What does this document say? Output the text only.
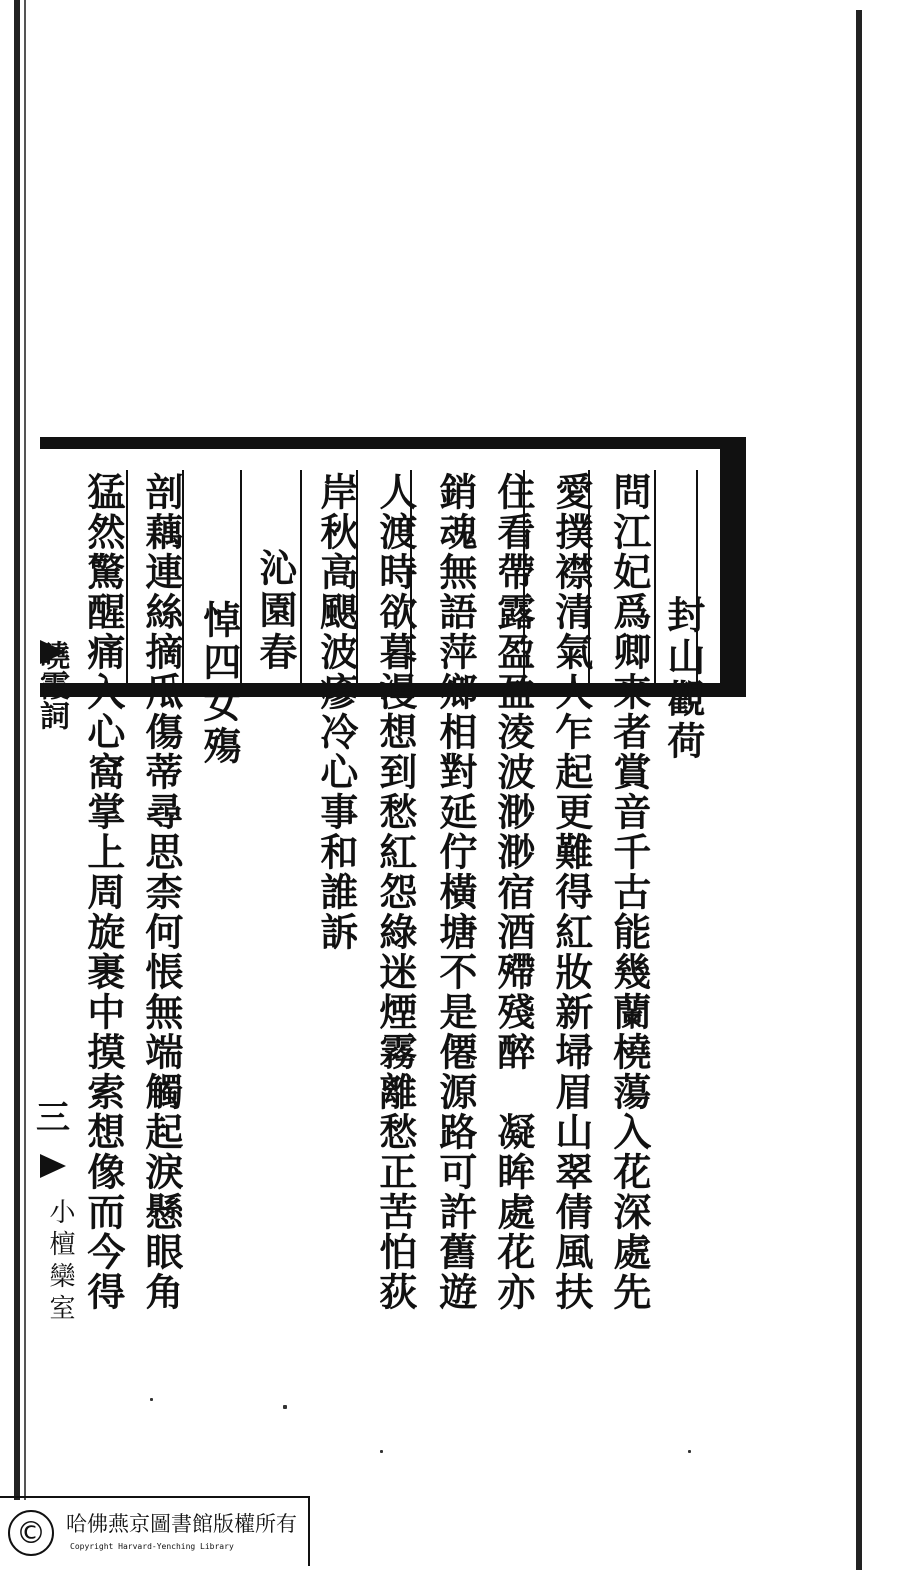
封山觀荷
問江妃爲卿來者賞音千古能幾蘭橈蕩入花深處先
愛撲襟清氣人乍起更難得紅妝新埽眉山翠倩風扶
住看帶露盈盈淩波渺渺宿酒殢殘醉　凝眸處花亦
銷魂無語萍鄉相對延佇橫塘不是僊源路可許舊遊
人渡時欲暮漫想到愁紅怨綠迷煙霧離愁正苦怕荻
岸秋高颶波瘮冷心事和誰訴
沁園春
悼四女殤
剖藕連絲摘瓜傷蒂尋思柰何悵無端觸起淚懸眼角
猛然驚醒痛入心窩掌上周旋裹中摸索想像而今得
曉霞詞
三
小檀欒室
© 哈佛燕京圖書館版權所有
Copyright Harvard-Yenching Library
